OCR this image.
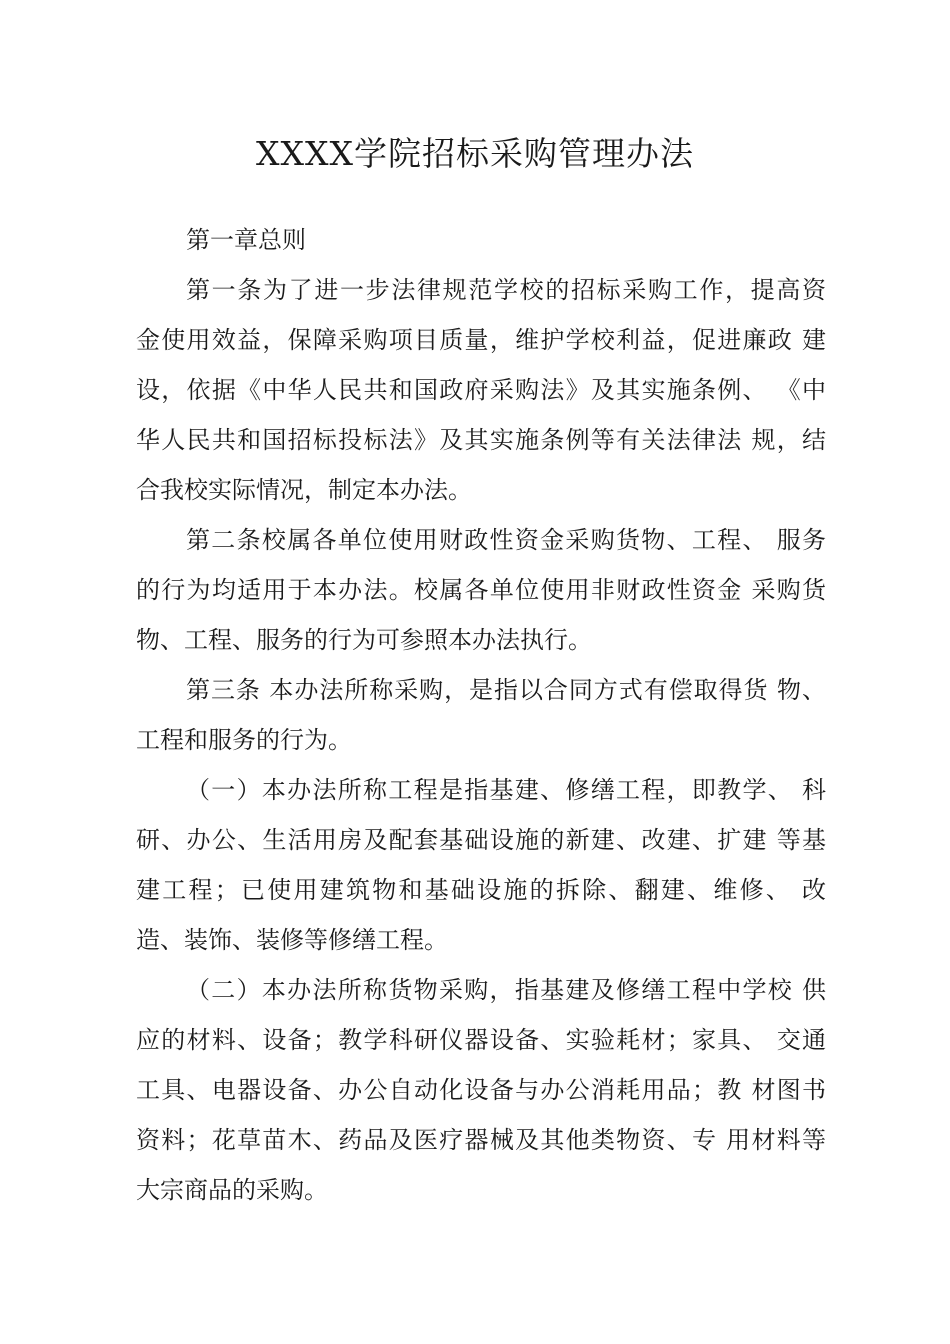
XXXX学院招标采购管理办法
第一章总则
第一条为了进一步法律规范学校的招标采购工作，提高资
金使用效益，保障采购项目质量，维护学校利益，促进廉政 建
设，依据《中华人民共和国政府采购法》及其实施条例、 《中
华人民共和国招标投标法》及其实施条例等有关法律法 规，结
合我校实际情况，制定本办法。
第二条校属各单位使用财政性资金采购货物、工程、 服务
的行为均适用于本办法。校属各单位使用非财政性资金 采购货
物、工程、服务的行为可参照本办法执行。
第三条 本办法所称采购，是指以合同方式有偿取得货 物、
工程和服务的行为。
（一）本办法所称工程是指基建、修缮工程，即教学、 科
研、办公、生活用房及配套基础设施的新建、改建、扩建 等基
建工程；已使用建筑物和基础设施的拆除、翻建、维修、 改
造、装饰、装修等修缮工程。
（二）本办法所称货物采购，指基建及修缮工程中学校 供
应的材料、设备；教学科研仪器设备、实验耗材；家具、 交通
工具、电器设备、办公自动化设备与办公消耗用品；教 材图书
资料；花草苗木、药品及医疗器械及其他类物资、专 用材料等
大宗商品的采购。
